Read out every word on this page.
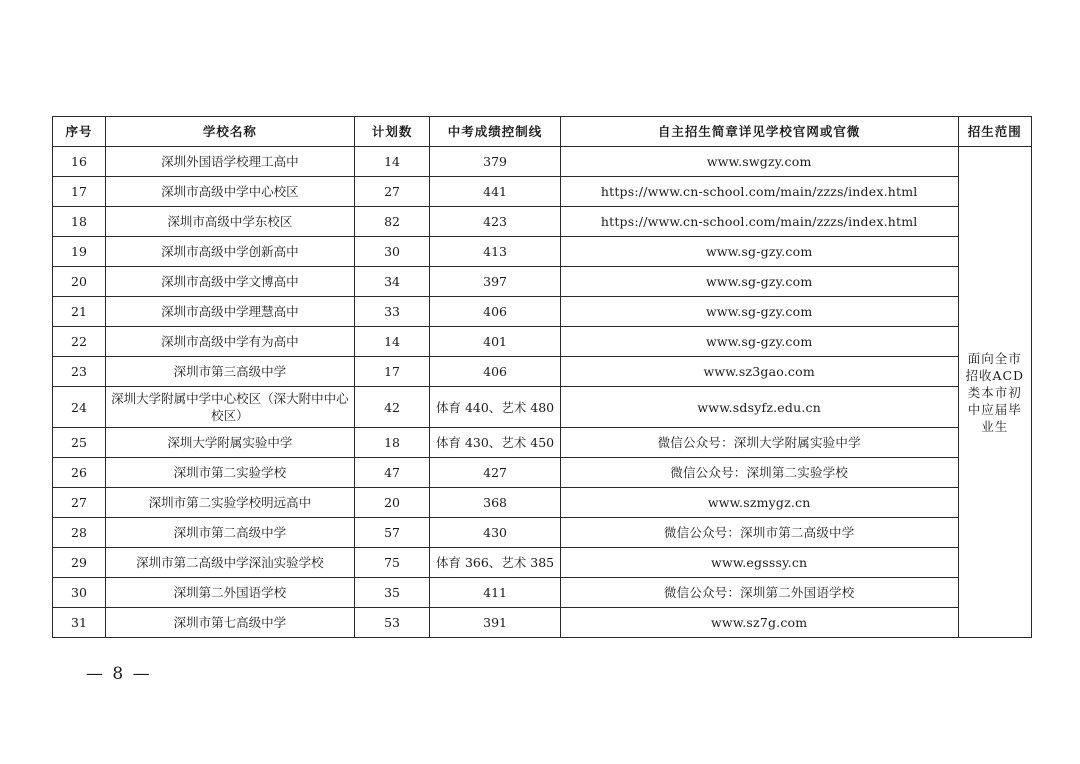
序号	学校名称	计划数	中考成绩控制线	自主招生简章详见学校官网或官微	招生范围
16	深圳外国语学校理工高中	14	379	www.swgzy.com	面向全市招收ACD类本市初中应届毕业生
17	深圳市高级中学中心校区	27	441	https://www.cn-school.com/main/zzzs/index.html	
18	深圳市高级中学东校区	82	423	https://www.cn-school.com/main/zzzs/index.html	
19	深圳市高级中学创新高中	30	413	www.sg-gzy.com	
20	深圳市高级中学文博高中	34	397	www.sg-gzy.com	
21	深圳市高级中学理慧高中	33	406	www.sg-gzy.com	
22	深圳市高级中学有为高中	14	401	www.sg-gzy.com	
23	深圳市第三高级中学	17	406	www.sz3gao.com	
24	深圳大学附属中学中心校区（深大附中中心校区）	42	体育 440、艺术 480	www.sdsyfz.edu.cn	
25	深圳大学附属实验中学	18	体育 430、艺术 450	微信公众号：深圳大学附属实验中学	
26	深圳市第二实验学校	47	427	微信公众号：深圳第二实验学校	
27	深圳市第二实验学校明远高中	20	368	www.szmygz.cn	
28	深圳市第二高级中学	57	430	微信公众号：深圳市第二高级中学	
29	深圳市第二高级中学深汕实验学校	75	体育 366、艺术 385	www.egsssy.cn	
30	深圳第二外国语学校	35	411	微信公众号：深圳第二外国语学校	
31	深圳市第七高级中学	53	391	www.sz7g.com	
— 8 —
